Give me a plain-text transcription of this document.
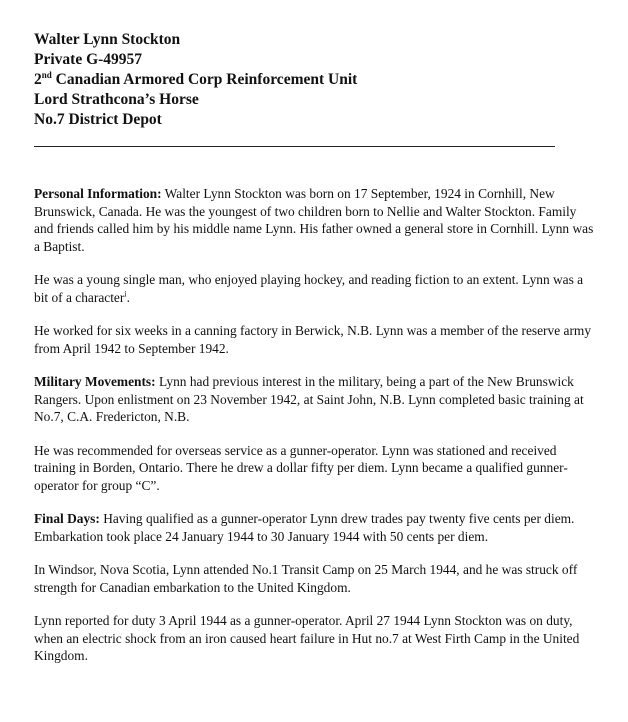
Walter Lynn Stockton
Private G-49957
2nd Canadian Armored Corp Reinforcement Unit
Lord Strathcona’s Horse
No.7 District Depot

Personal Information: Walter Lynn Stockton was born on 17 September, 1924 in Cornhill, New Brunswick, Canada. He was the youngest of two children born to Nellie and Walter Stockton. Family and friends called him by his middle name Lynn. His father owned a general store in Cornhill. Lynn was a Baptist.

He was a young single man, who enjoyed playing hockey, and reading fiction to an extent. Lynn was a bit of a character$^i$.

He worked for six weeks in a canning factory in Berwick, N.B. Lynn was a member of the reserve army from April 1942 to September 1942.

Military Movements: Lynn had previous interest in the military, being a part of the New Brunswick Rangers. Upon enlistment on 23 November 1942, at Saint John, N.B. Lynn completed basic training at No.7, C.A. Fredericton, N.B.

He was recommended for overseas service as a gunner-operator. Lynn was stationed and received training in Borden, Ontario. There he drew a dollar fifty per diem. Lynn became a qualified gunner-operator for group “C”.

Final Days: Having qualified as a gunner-operator Lynn drew trades pay twenty five cents per diem. Embarkation took place 24 January 1944 to 30 January 1944 with 50 cents per diem.

In Windsor, Nova Scotia, Lynn attended No.1 Transit Camp on 25 March 1944, and he was struck off strength for Canadian embarkation to the United Kingdom.

Lynn reported for duty 3 April 1944 as a gunner-operator. April 27 1944 Lynn Stockton was on duty, when an electric shock from an iron caused heart failure in Hut no.7 at West Firth Camp in the United Kingdom.
